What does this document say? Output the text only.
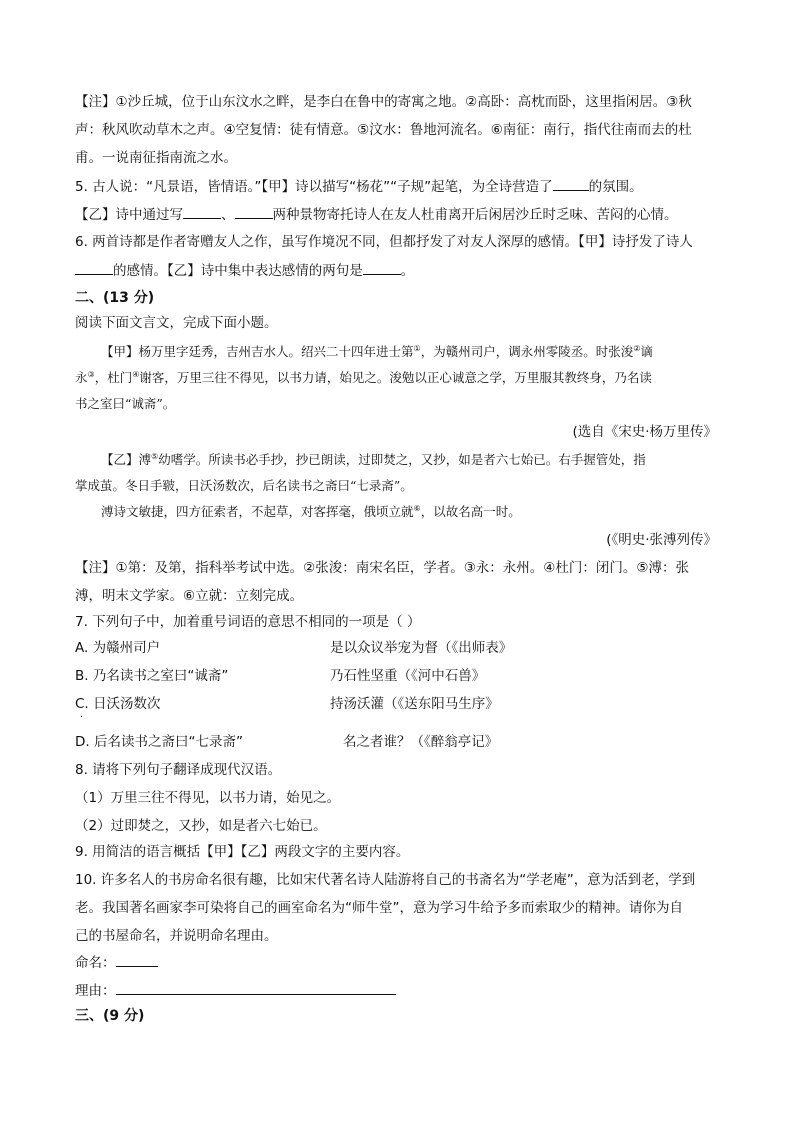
【注】①沙丘城，位于山东汶水之畔，是李白在鲁中的寄寓之地。②高卧：高枕而卧，这里指闲居。③秋
声：秋风吹动草木之声。④空复情：徒有情意。⑤汶水：鲁地河流名。⑥南征：南行，指代往南而去的杜
甫。一说南征指南流之水。
5. 古人说：“凡景语，皆情语。”【甲】诗以描写“杨花”“子规”起笔，为全诗营造了	的氛围。
【乙】诗中通过写	、	两种景物寄托诗人在友人杜甫离开后闲居沙丘时乏味、苦闷的心情。
6. 两首诗都是作者寄赠友人之作，虽写作境况不同，但都抒发了对友人深厚的感情。【甲】诗抒发了诗人
的感情。【乙】诗中集中表达感情的两句是	。
二、(13 分)
阅读下面文言文，完成下面小题。
【甲】杨万里字廷秀，吉州吉水人。绍兴二十四年进士第①，为赣州司户，调永州零陵丞。时张浚②谪
永③，杜门④谢客，万里三往不得见，以书力请，始见之。浚勉以正心诚意之学，万里服其教终身，乃名读
书之室曰“诚斋”。
(选自《宋史·杨万里传》
【乙】溥⑤幼嗜学。所读书必手抄，抄已朗读，过即焚之，又抄，如是者六七始已。右手握管处，指
掌成茧。冬日手皲，日沃汤数次，后名读书之斋曰“七录斋”。
溥诗文敏捷，四方征索者，不起草，对客挥毫，俄顷立就⑥，以故名高一时。
(《明史·张溥列传》
【注】①第：及第，指科举考试中选。②张浚：南宋名臣，学者。③永：永州。④杜门：闭门。⑤溥：张
溥，明末文学家。⑥立就：立刻完成。
7. 下列句子中，加着重号词语的意思不相同的一项是（ ）
A. 为赣州司户	是以众议举宠为督（《出师表》
B. 乃名读书之室曰“诚斋”	乃石性坚重（《河中石兽》
C. 日沃汤数次	持汤沃灌（《送东阳马生序》
·
D. 后名读书之斋曰“七录斋”	名之者谁？（《醉翁亭记》
8. 请将下列句子翻译成现代汉语。
（1）万里三往不得见，以书力请，始见之。
（2）过即焚之，又抄，如是者六七始已。
9. 用简洁的语言概括【甲】【乙】两段文字的主要内容。
10. 许多名人的书房命名很有趣，比如宋代著名诗人陆游将自己的书斋名为“学老庵”，意为活到老，学到
老。我国著名画家李可染将自己的画室命名为“师牛堂”，意为学习牛给予多而索取少的精神。请你为自
己的书屋命名，并说明命名理由。
命名：
理由：
三、(9 分)
